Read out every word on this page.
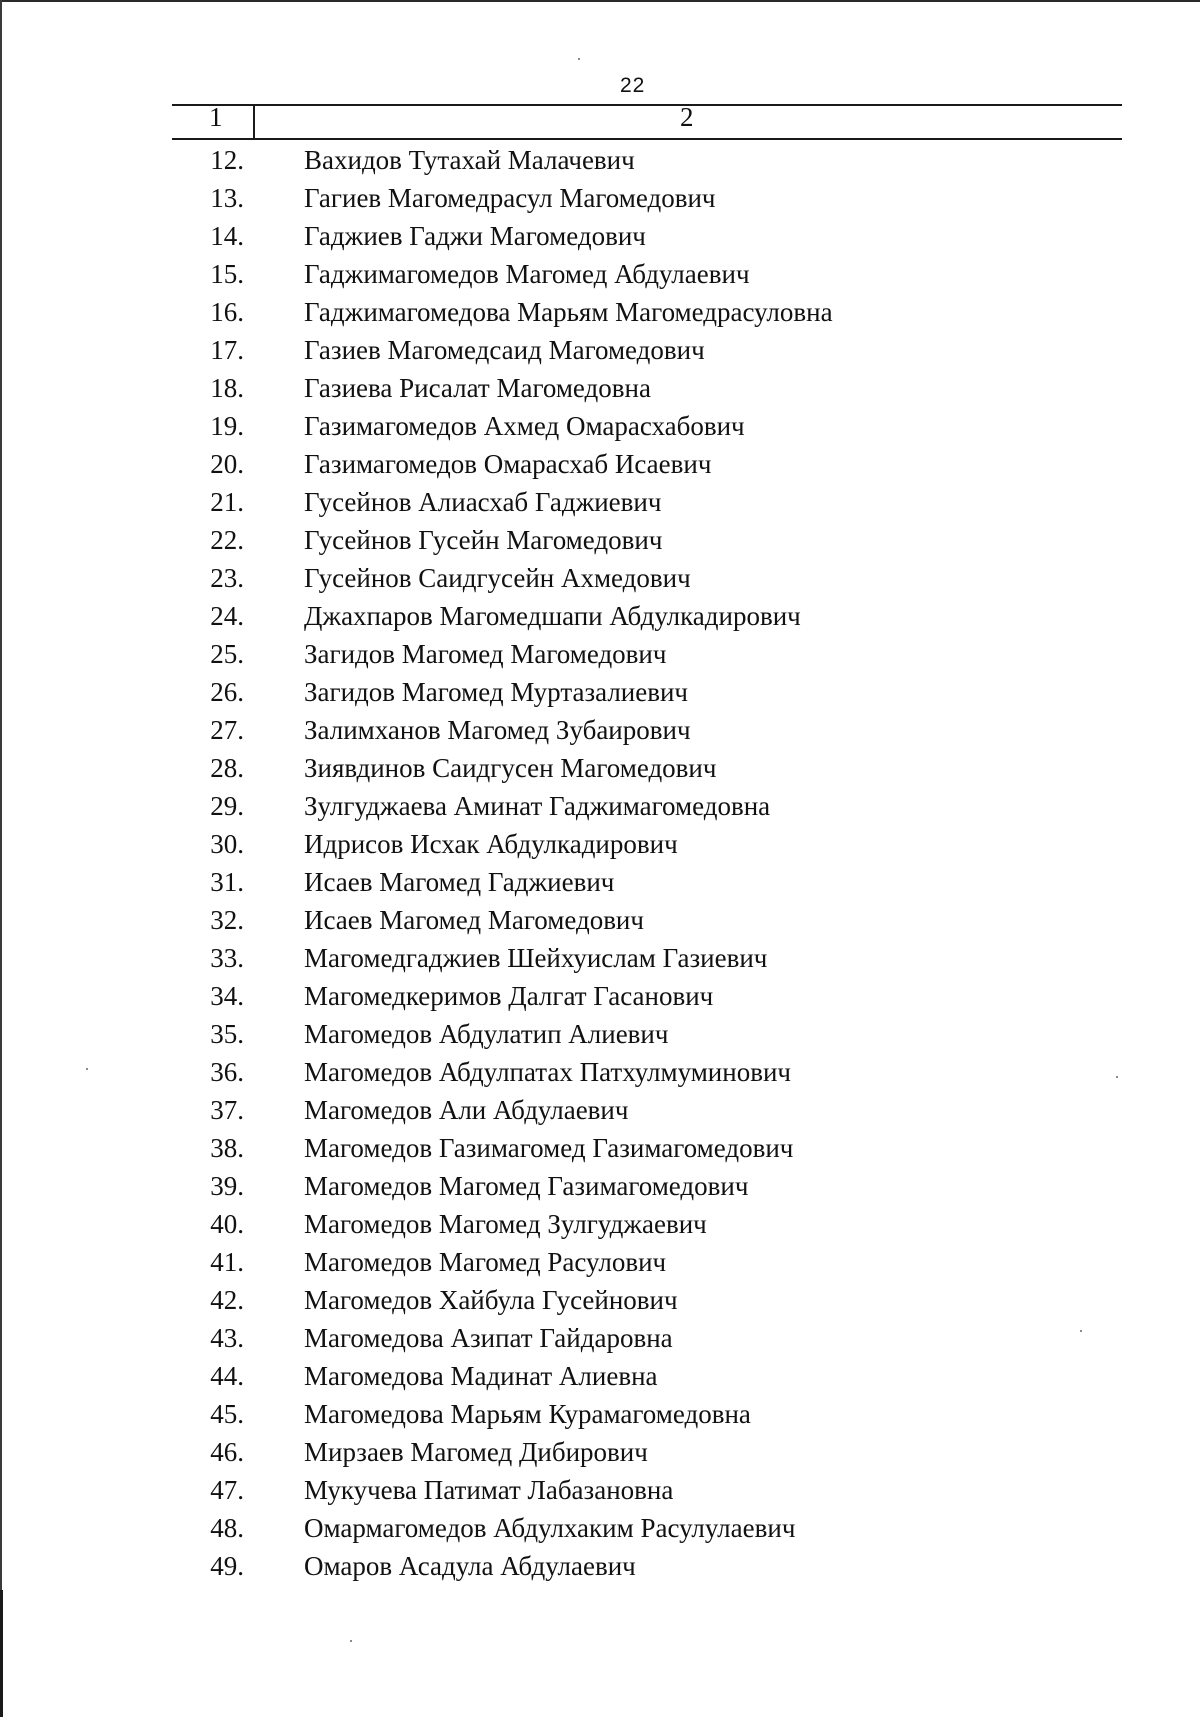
22
1	2
12. Вахидов Тутахай Малачевич
13. Гагиев Магомедрасул Магомедович
14. Гаджиев Гаджи Магомедович
15. Гаджимагомедов Магомед Абдулаевич
16. Гаджимагомедова Марьям Магомедрасуловна
17. Газиев Магомедсаид Магомедович
18. Газиева Рисалат Магомедовна
19. Газимагомедов Ахмед Омарасхабович
20. Газимагомедов Омарасхаб Исаевич
21. Гусейнов Алиасхаб Гаджиевич
22. Гусейнов Гусейн Магомедович
23. Гусейнов Саидгусейн Ахмедович
24. Джахпаров Магомедшапи Абдулкадирович
25. Загидов Магомед Магомедович
26. Загидов Магомед Муртазалиевич
27. Залимханов Магомед Зубаирович
28. Зиявдинов Саидгусен Магомедович
29. Зулгуджаева Аминат Гаджимагомедовна
30. Идрисов Исхак Абдулкадирович
31. Исаев Магомед Гаджиевич
32. Исаев Магомед Магомедович
33. Магомедгаджиев Шейхуислам Газиевич
34. Магомедкеримов Далгат Гасанович
35. Магомедов Абдулатип Алиевич
36. Магомедов Абдулпатах Патхулмуминович
37. Магомедов Али Абдулаевич
38. Магомедов Газимагомед Газимагомедович
39. Магомедов Магомед Газимагомедович
40. Магомедов Магомед Зулгуджаевич
41. Магомедов Магомед Расулович
42. Магомедов Хайбула Гусейнович
43. Магомедова Азипат Гайдаровна
44. Магомедова Мадинат Алиевна
45. Магомедова Марьям Курамагомедовна
46. Мирзаев Магомед Дибирович
47. Мукучева Патимат Лабазановна
48. Омармагомедов Абдулхаким Расулулаевич
49. Омаров Асадула Абдулаевич
